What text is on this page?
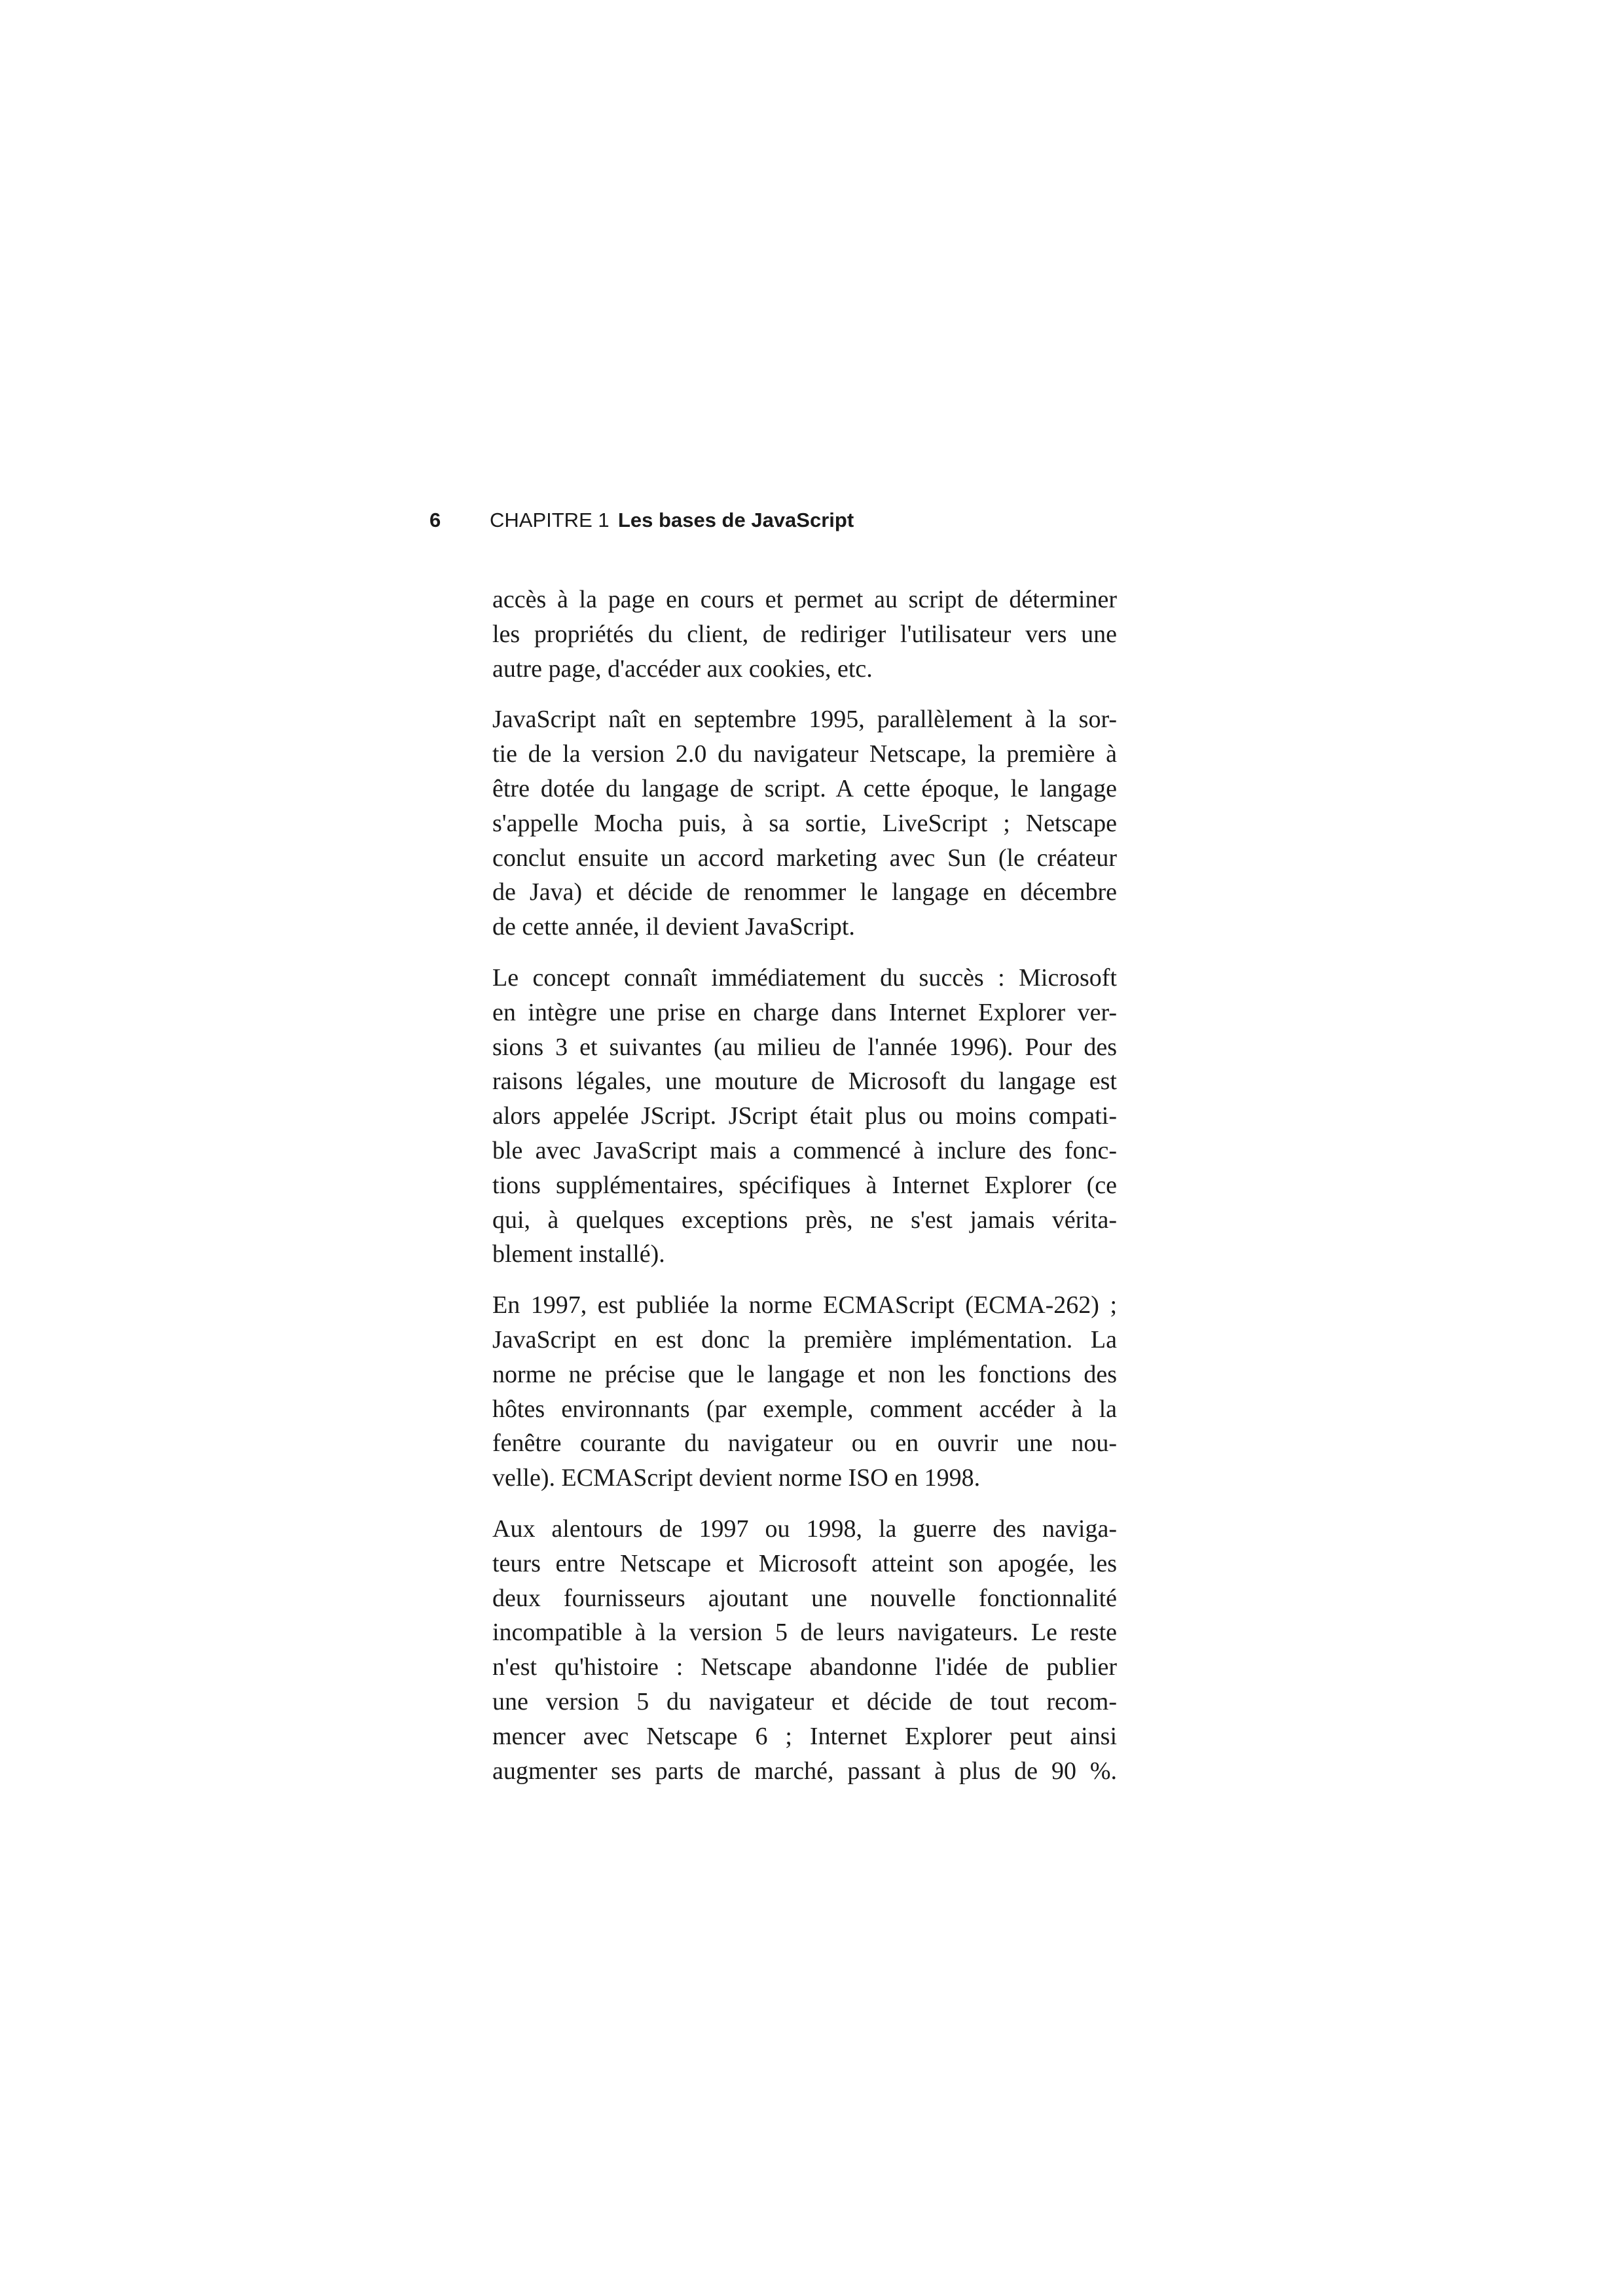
6 CHAPITRE 1 Les bases de JavaScript

accès à la page en cours et permet au script de déterminer
les propriétés du client, de rediriger l'utilisateur vers une
autre page, d'accéder aux cookies, etc.

JavaScript naît en septembre 1995, parallèlement à la sor-
tie de la version 2.0 du navigateur Netscape, la première à
être dotée du langage de script. A cette époque, le langage
s'appelle Mocha puis, à sa sortie, LiveScript ; Netscape
conclut ensuite un accord marketing avec Sun (le créateur
de Java) et décide de renommer le langage en décembre
de cette année, il devient JavaScript.

Le concept connaît immédiatement du succès : Microsoft
en intègre une prise en charge dans Internet Explorer ver-
sions 3 et suivantes (au milieu de l'année 1996). Pour des
raisons légales, une mouture de Microsoft du langage est
alors appelée JScript. JScript était plus ou moins compati-
ble avec JavaScript mais a commencé à inclure des fonc-
tions supplémentaires, spécifiques à Internet Explorer (ce
qui, à quelques exceptions près, ne s'est jamais vérita-
blement installé).

En 1997, est publiée la norme ECMAScript (ECMA-262) ;
JavaScript en est donc la première implémentation. La
norme ne précise que le langage et non les fonctions des
hôtes environnants (par exemple, comment accéder à la
fenêtre courante du navigateur ou en ouvrir une nou-
velle). ECMAScript devient norme ISO en 1998.

Aux alentours de 1997 ou 1998, la guerre des naviga-
teurs entre Netscape et Microsoft atteint son apogée, les
deux fournisseurs ajoutant une nouvelle fonctionnalité
incompatible à la version 5 de leurs navigateurs. Le reste
n'est qu'histoire : Netscape abandonne l'idée de publier
une version 5 du navigateur et décide de tout recom-
mencer avec Netscape 6 ; Internet Explorer peut ainsi
augmenter ses parts de marché, passant à plus de 90 %.
